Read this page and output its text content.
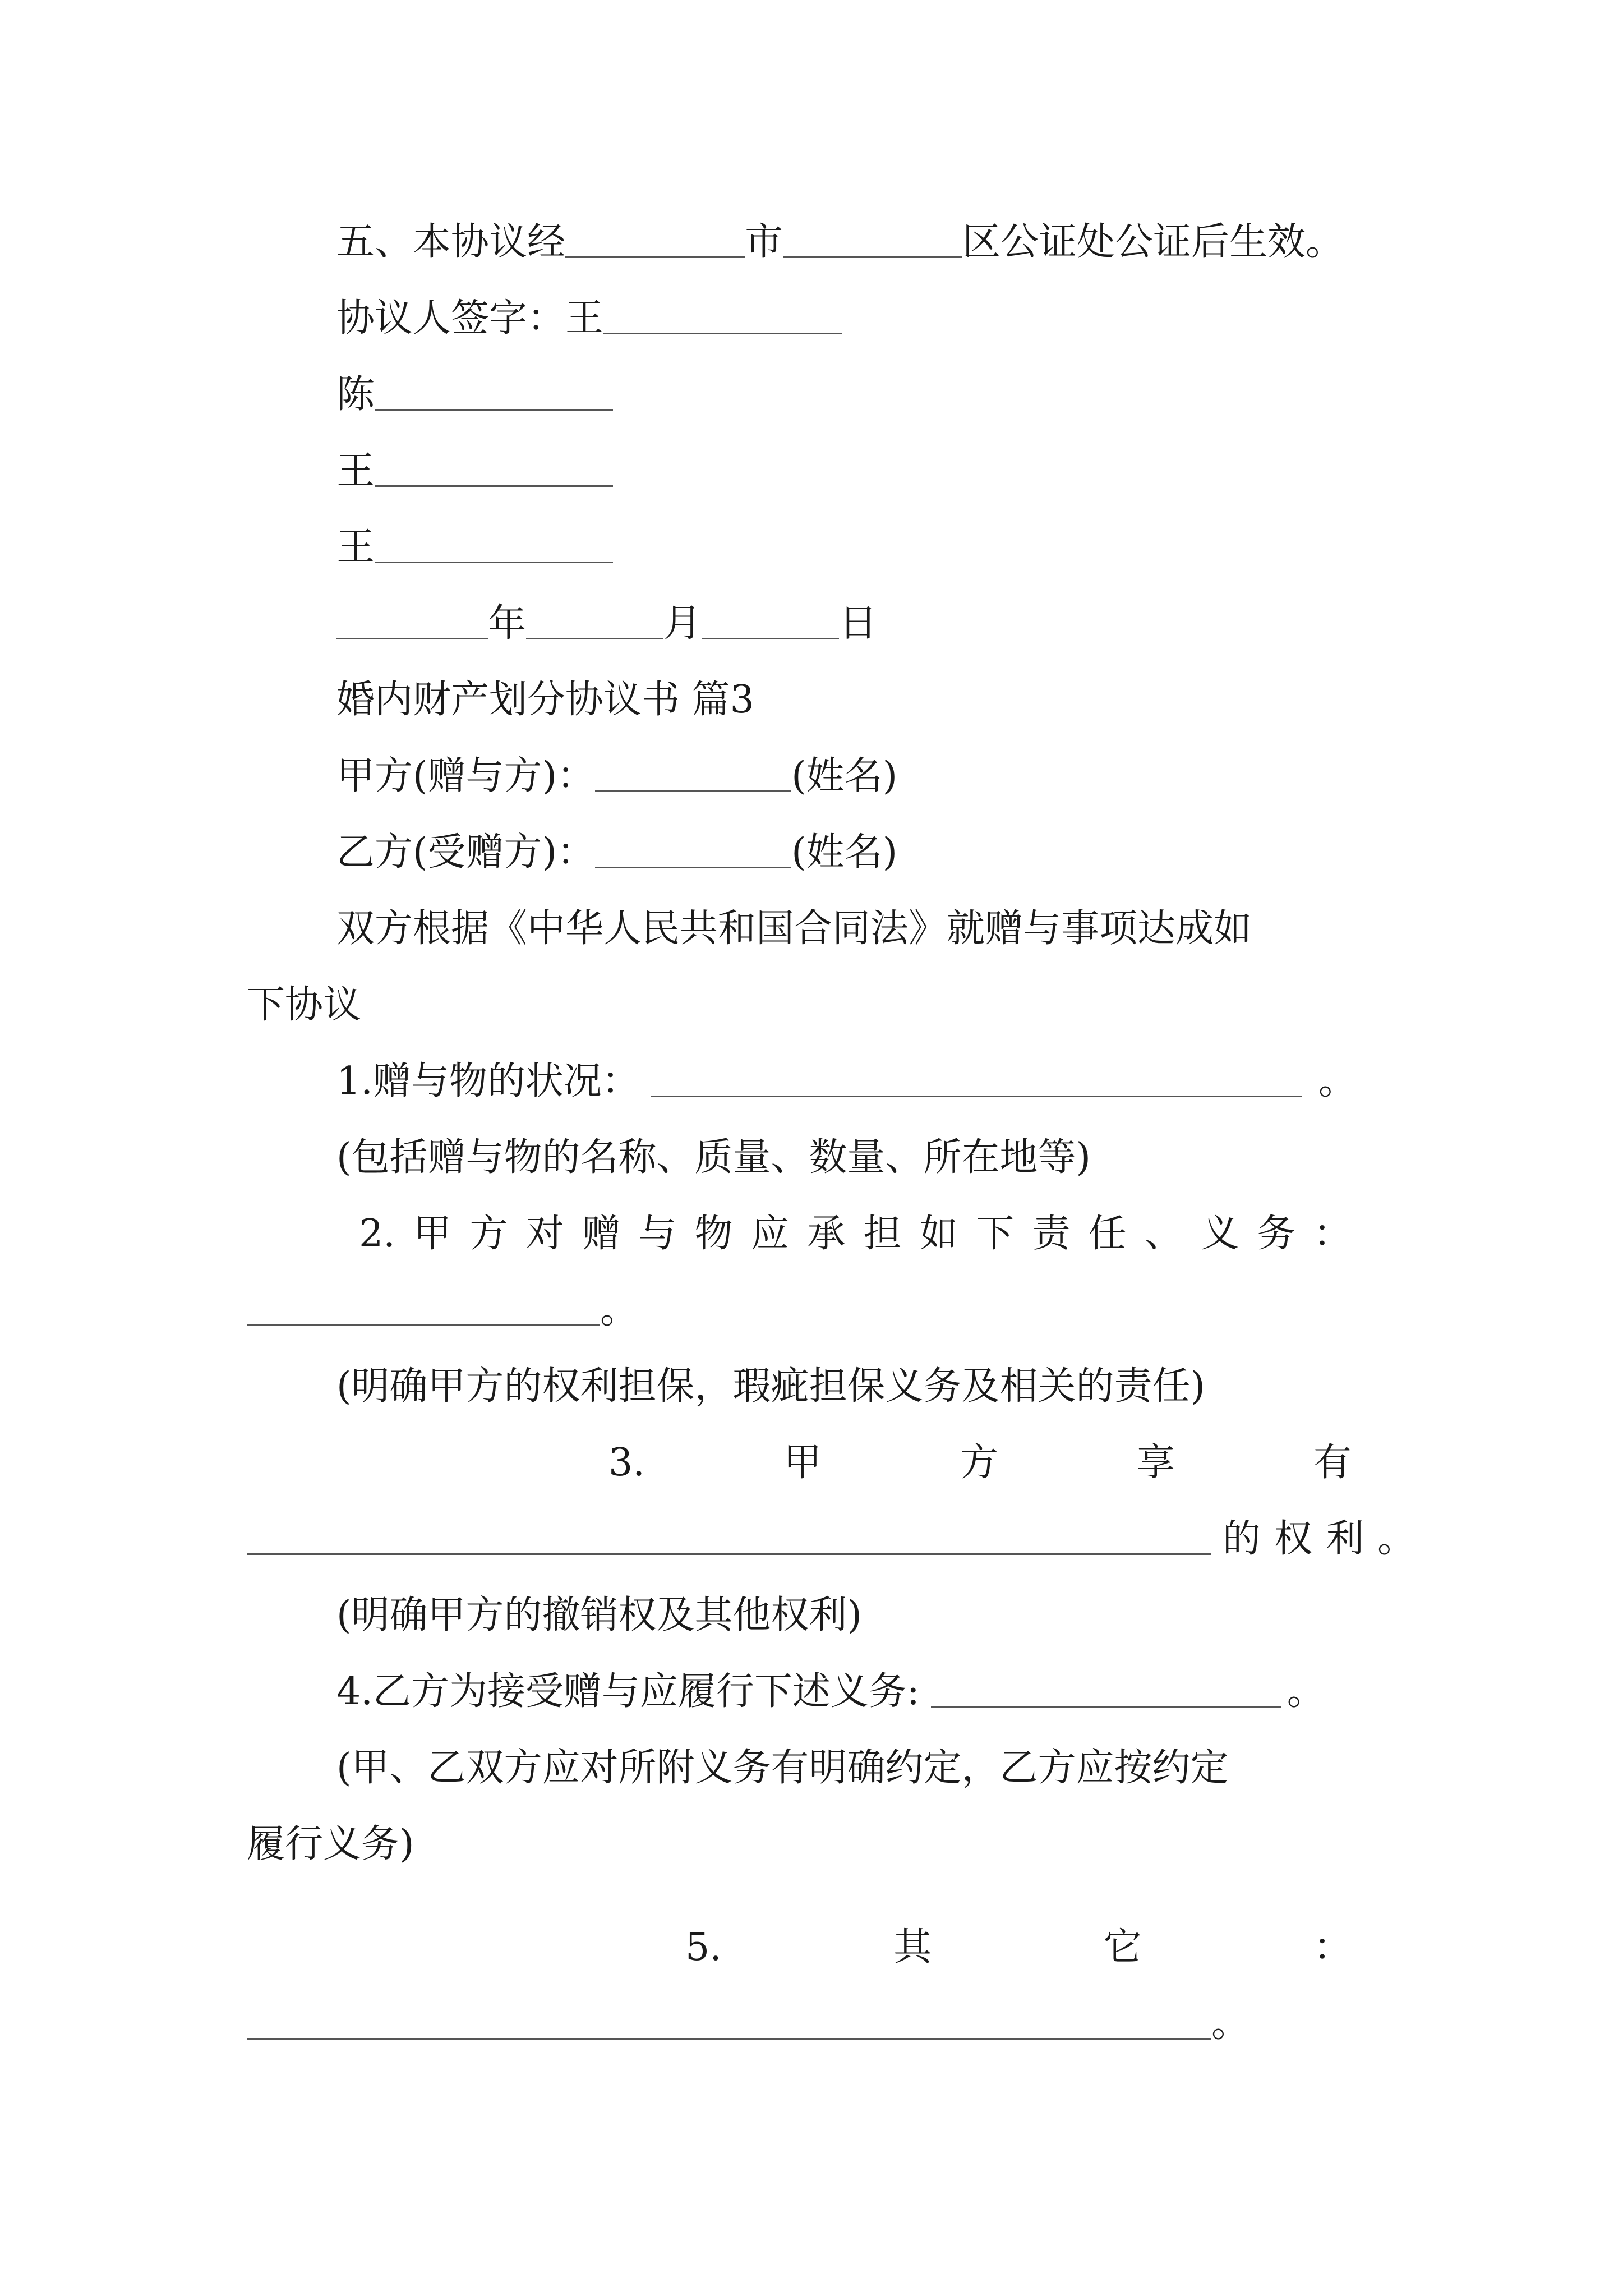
五、本协议经	市	区公证处公证后生效。
协议人签字：王
陈
王
王
年	月	日
婚内财产划分协议书 篇3
甲方(赠与方)：	(姓名)
乙方(受赠方)：	(姓名)
双方根据《中华人民共和国合同法》就赠与事项达成如
下协议
1.赠与物的状况：	。
(包括赠与物的名称、质量、数量、所在地等)
2. 甲 方 对 赠 与 物 应 承 担 如 下 责 任 、 义 务 ：
。
(明确甲方的权利担保，瑕疵担保义务及相关的责任)
3.	甲	方	享	有
的权利。
(明确甲方的撤销权及其他权利)
4.乙方为接受赠与应履行下述义务:	。
(甲、乙双方应对所附义务有明确约定，乙方应按约定
履行义务)
5.	其	它	：
。
